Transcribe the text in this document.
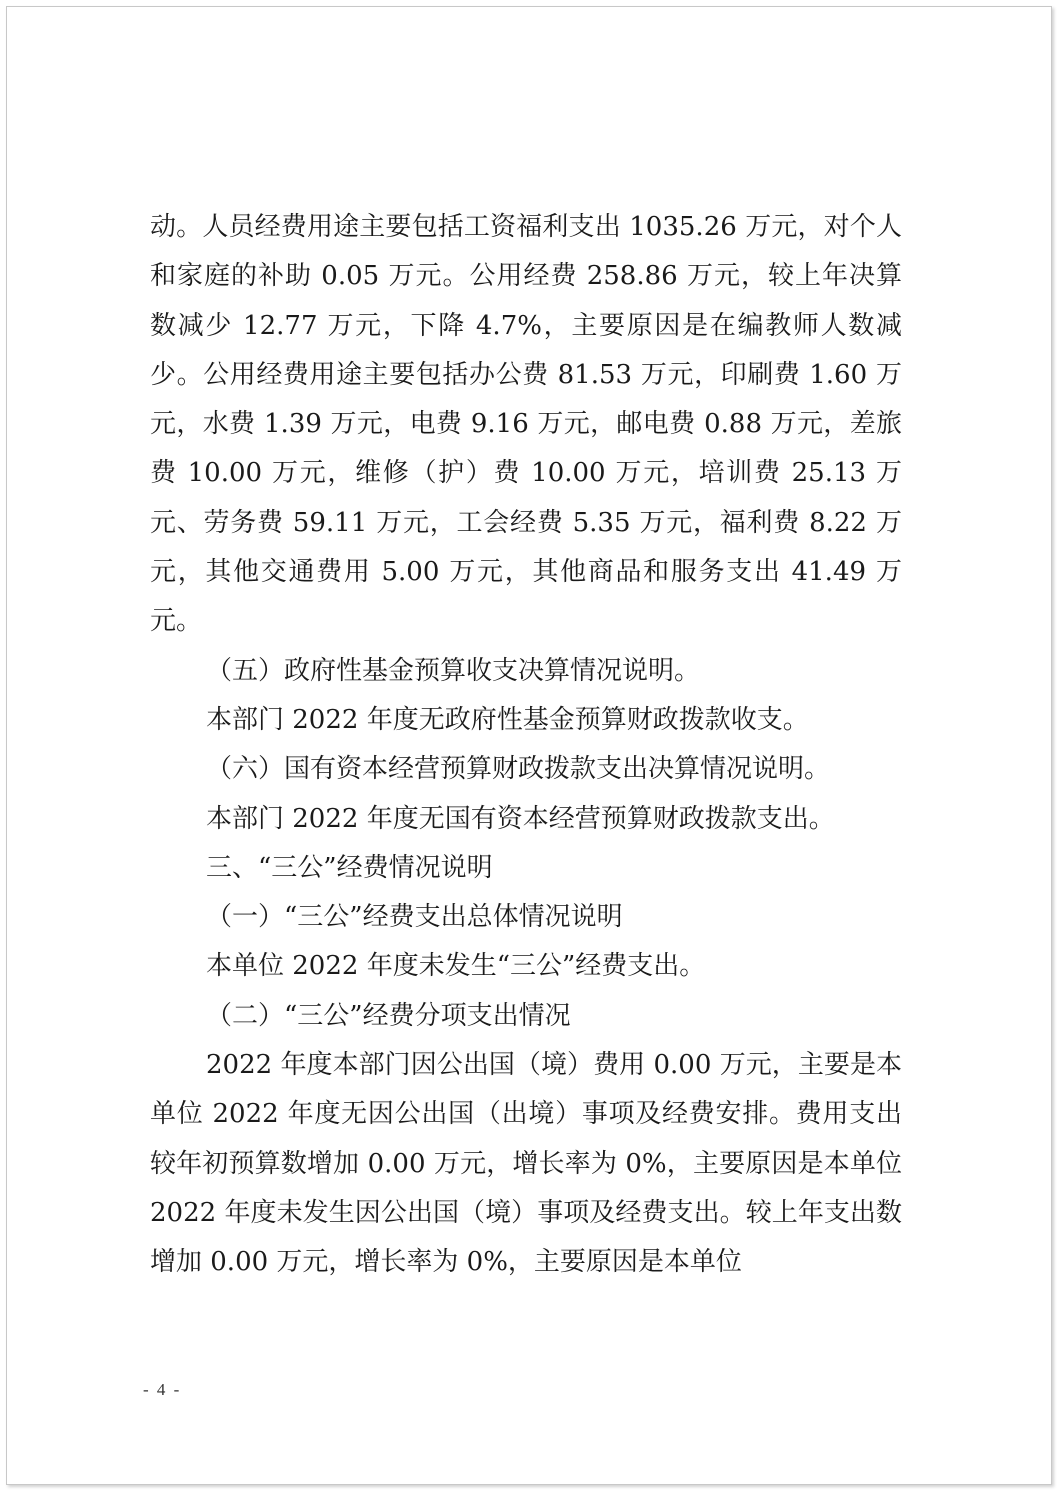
动。人员经费用途主要包括工资福利支出 1035.26 万元，对个人和家庭的补助 0.05 万元。公用经费 258.86 万元，较上年决算数减少 12.77 万元，下降 4.7%，主要原因是在编教师人数减少。公用经费用途主要包括办公费 81.53 万元，印刷费 1.60 万元，水费 1.39 万元，电费 9.16 万元，邮电费 0.88 万元，差旅费 10.00 万元，维修（护）费 10.00 万元，培训费 25.13 万元、劳务费 59.11 万元，工会经费 5.35 万元，福利费 8.22 万元，其他交通费用 5.00 万元，其他商品和服务支出 41.49 万元。

（五）政府性基金预算收支决算情况说明。

本部门 2022 年度无政府性基金预算财政拨款收支。

（六）国有资本经营预算财政拨款支出决算情况说明。

本部门 2022 年度无国有资本经营预算财政拨款支出。

三、“三公”经费情况说明

（一）“三公”经费支出总体情况说明

本单位 2022 年度未发生“三公”经费支出。

（二）“三公”经费分项支出情况

2022 年度本部门因公出国（境）费用 0.00 万元，主要是本单位 2022 年度无因公出国（出境）事项及经费安排。费用支出较年初预算数增加 0.00 万元，增长率为 0%，主要原因是本单位 2022 年度未发生因公出国（境）事项及经费支出。较上年支出数增加 0.00 万元，增长率为 0%，主要原因是本单位

- 4 -
